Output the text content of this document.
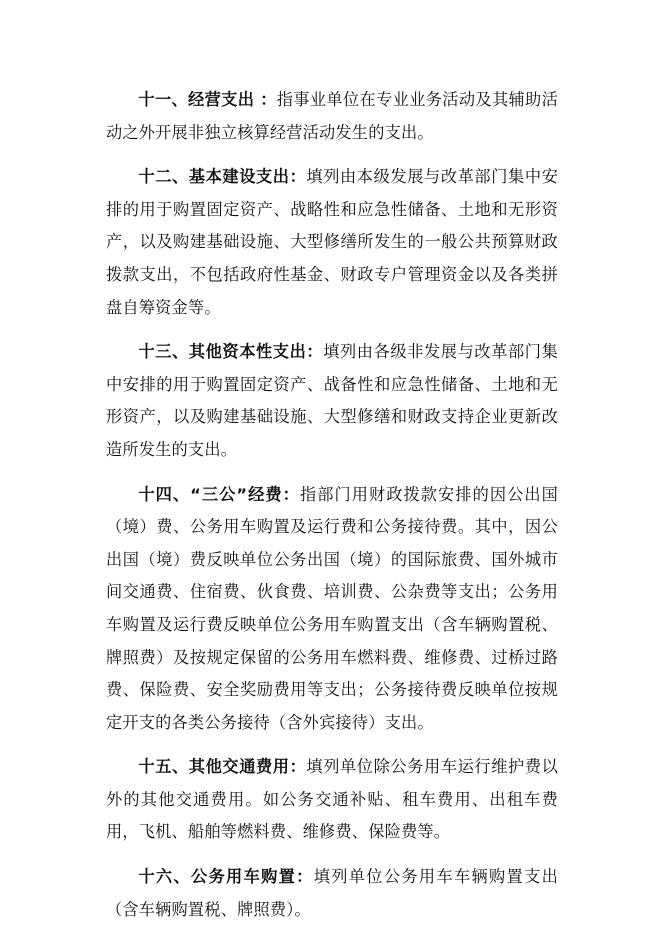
十一、经营支出 ：指事业单位在专业业务活动及其辅助活动之外开展非独立核算经营活动发生的支出。

十二、基本建设支出：填列由本级发展与改革部门集中安排的用于购置固定资产、战略性和应急性储备、土地和无形资产，以及购建基础设施、大型修缮所发生的一般公共预算财政拨款支出，不包括政府性基金、财政专户管理资金以及各类拼盘自筹资金等。

十三、其他资本性支出：填列由各级非发展与改革部门集中安排的用于购置固定资产、战备性和应急性储备、土地和无形资产，以及购建基础设施、大型修缮和财政支持企业更新改造所发生的支出。

十四、“三公”经费：指部门用财政拨款安排的因公出国（境）费、公务用车购置及运行费和公务接待费。其中，因公出国（境）费反映单位公务出国（境）的国际旅费、国外城市间交通费、住宿费、伙食费、培训费、公杂费等支出；公务用车购置及运行费反映单位公务用车购置支出（含车辆购置税、牌照费）及按规定保留的公务用车燃料费、维修费、过桥过路费、保险费、安全奖励费用等支出；公务接待费反映单位按规定开支的各类公务接待（含外宾接待）支出。

十五、其他交通费用：填列单位除公务用车运行维护费以外的其他交通费用。如公务交通补贴、租车费用、出租车费用，飞机、船舶等燃料费、维修费、保险费等。

十六、公务用车购置：填列单位公务用车车辆购置支出（含车辆购置税、牌照费）。
